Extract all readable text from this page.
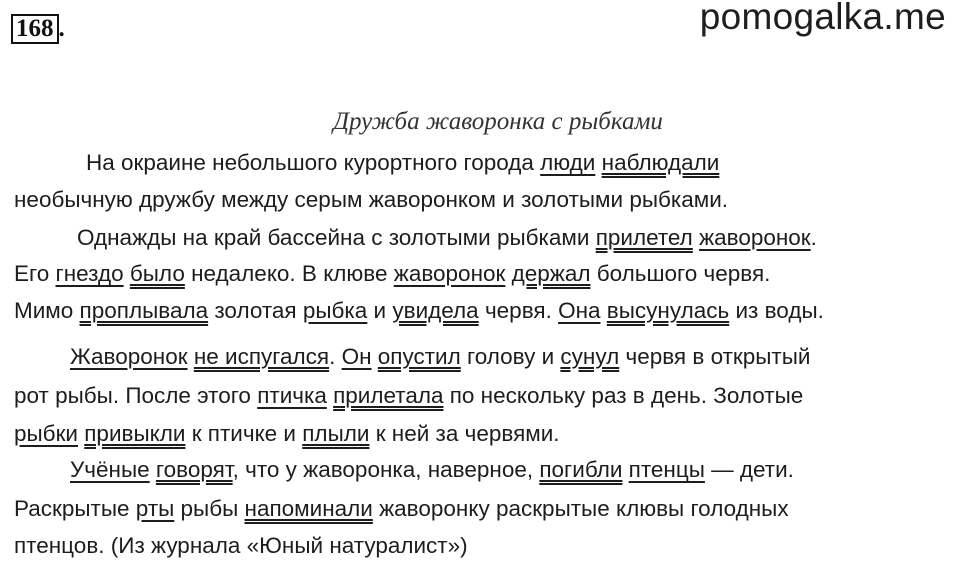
168 .	pomogalka.me
Дружба жаворонка с рыбками
На окраине небольшого курортного города люди наблюдали
необычную дружбу между серым жаворонком и золотыми рыбками.
Однажды на край бассейна с золотыми рыбками прилетел жаворонок.
Его гнездо было недалеко. В клюве жаворонок держал большого червя.
Мимо проплывала золотая рыбка и увидела червя. Она высунулась из воды.
Жаворонок не испугался. Он опустил голову и сунул червя в открытый
рот рыбы. После этого птичка прилетала по нескольку раз в день. Золотые
рыбки привыкли к птичке и плыли к ней за червями.
Учёные говорят, что у жаворонка, наверное, погибли птенцы — дети.
Раскрытые рты рыбы напоминали жаворонку раскрытые клювы голодных
птенцов. (Из журнала «Юный натуралист»)
